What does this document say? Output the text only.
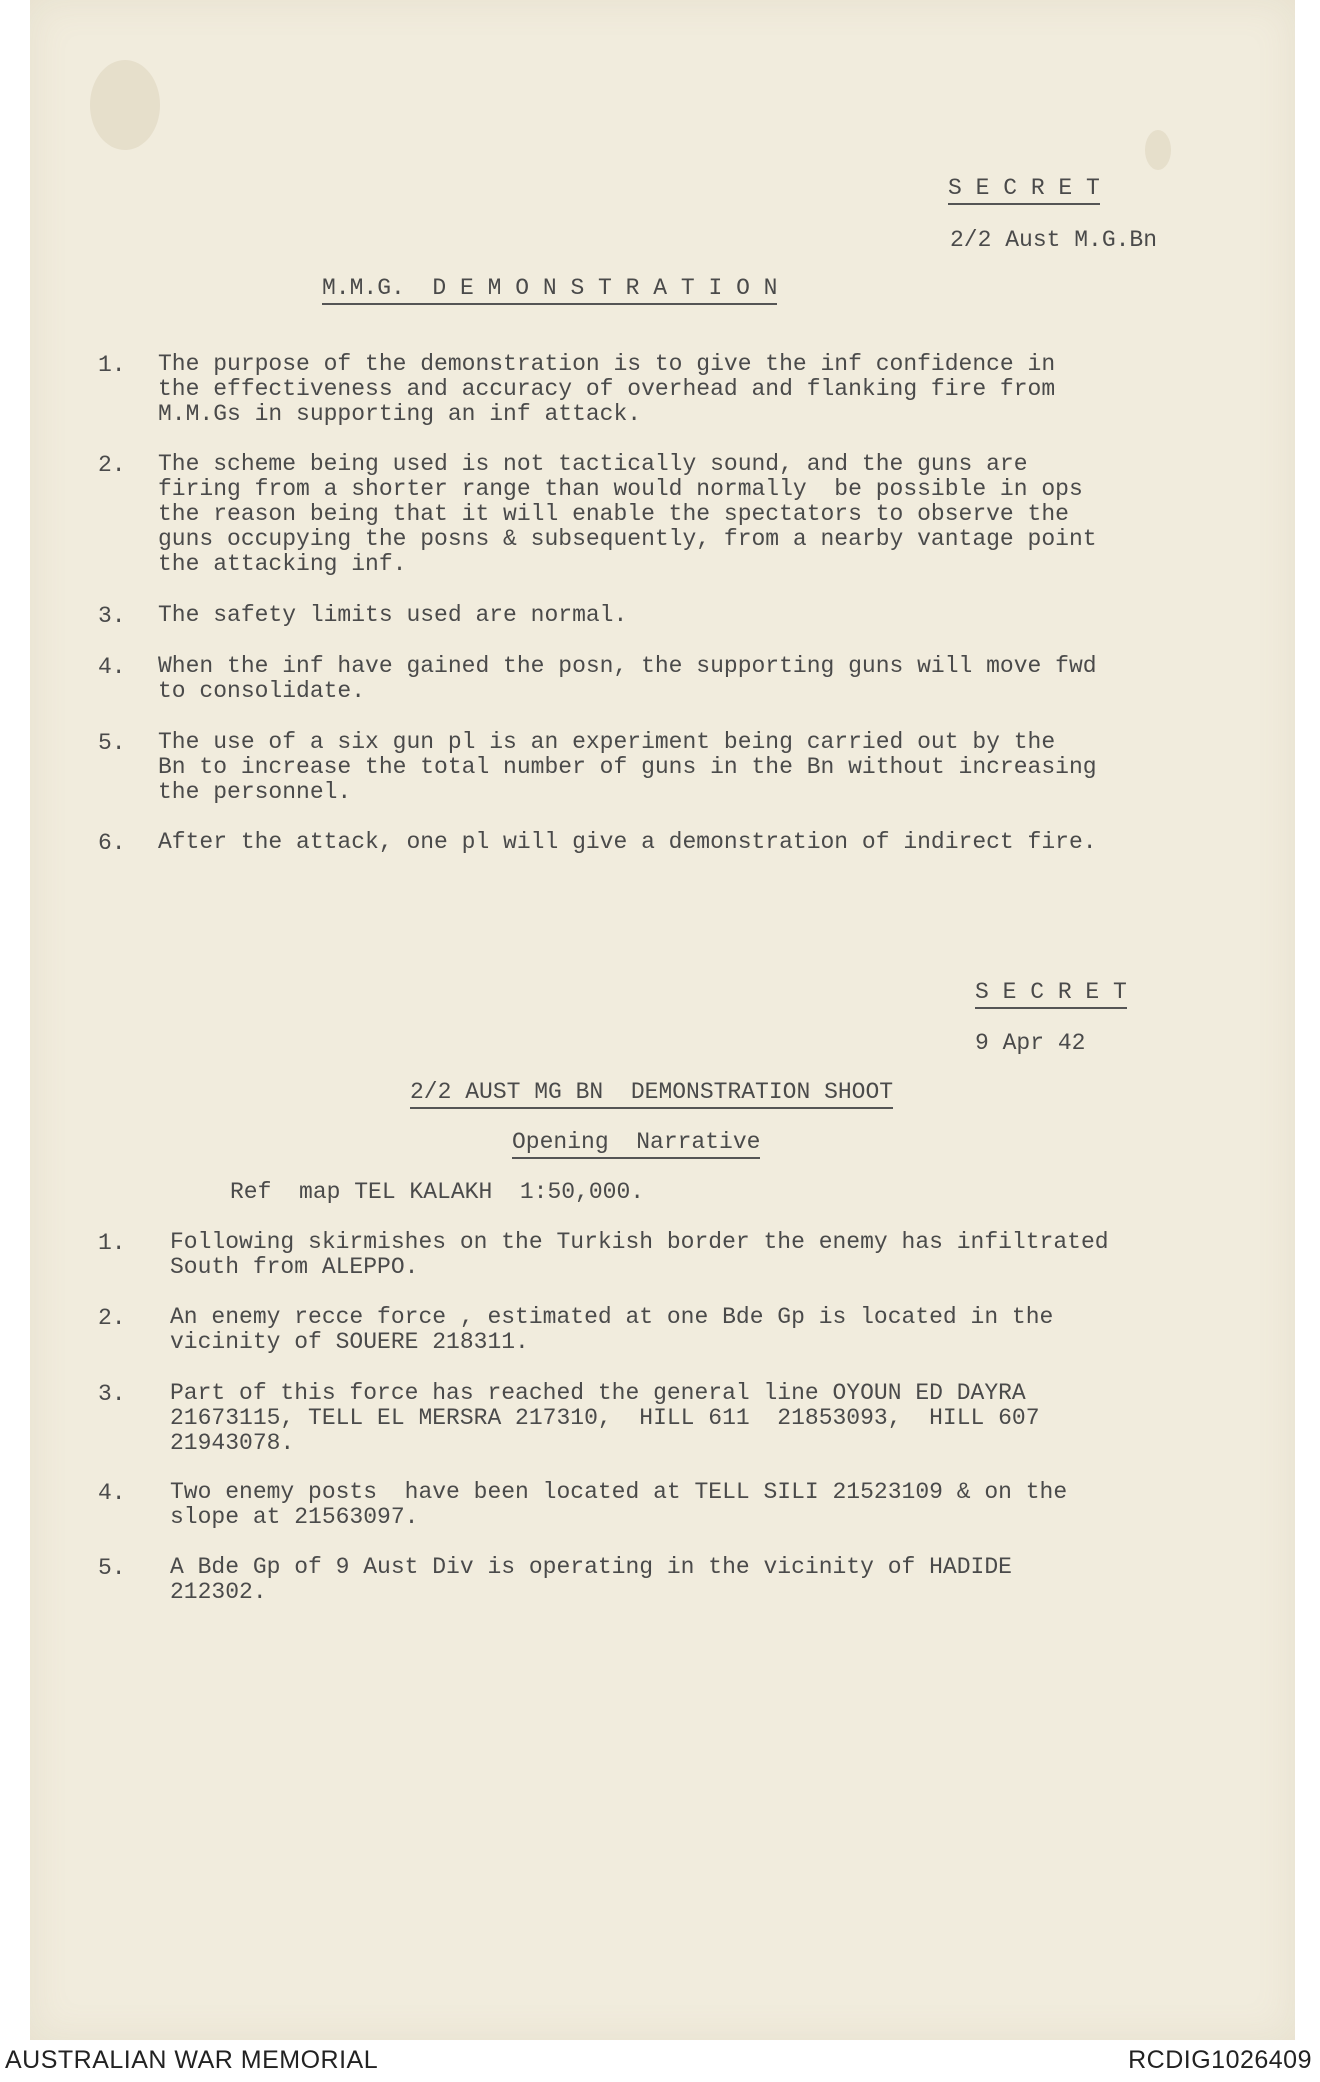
S E C R E T
2/2 Aust M.G.Bn
M.M.G.  D E M O N S T R A T I O N
1. The purpose of the demonstration is to give the inf confidence in
the effectiveness and accuracy of overhead and flanking fire from
M.M.Gs in supporting an inf attack.
2. The scheme being used is not tactically sound, and the guns are
firing from a shorter range than would normally  be possible in ops
the reason being that it will enable the spectators to observe the
guns occupying the posns & subsequently, from a nearby vantage point
the attacking inf.
3. The safety limits used are normal.
4. When the inf have gained the posn, the supporting guns will move fwd
to consolidate.
5. The use of a six gun pl is an experiment being carried out by the
Bn to increase the total number of guns in the Bn without increasing
the personnel.
6. After the attack, one pl will give a demonstration of indirect fire.
S E C R E T
9 Apr 42
2/2 AUST MG BN  DEMONSTRATION SHOOT
Opening  Narrative
Ref  map TEL KALAKH  1:50,000.
1. Following skirmishes on the Turkish border the enemy has infiltrated
South from ALEPPO.
2. An enemy recce force , estimated at one Bde Gp is located in the
vicinity of SOUERE 218311.
3. Part of this force has reached the general line OYOUN ED DAYRA
21673115, TELL EL MERSRA 217310,  HILL 611  21853093,  HILL 607
21943078.
4. Two enemy posts  have been located at TELL SILI 21523109 & on the
slope at 21563097.
5. A Bde Gp of 9 Aust Div is operating in the vicinity of HADIDE
212302.
AUSTRALIAN WAR MEMORIAL	RCDIG1026409
